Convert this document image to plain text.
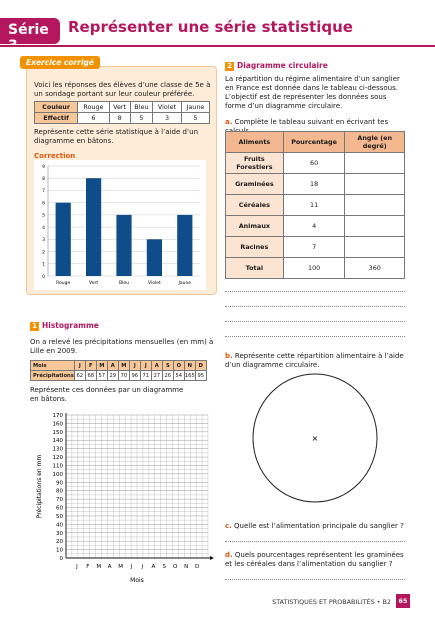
Série	Représenter une série statistique
Exercice corrigé
Voici les réponses des élèves d’une classe de 5e à un sondage portant sur leur couleur préférée.
Couleur	Rouge	Vert	Bleu	Violet	Jaune
Effectif	6	8	5	3	5
Représente cette série statistique à l’aide d’un diagramme en bâtons.
Correction
0
1
2
3
4
5
6
7
8
9
Rouge	Vert	Bleu	Violet	Jaune
1 Histogramme
On a relevé les précipitations mensuelles (en mm) à Lille en 2009.
Mois	J	F	M	A	M	J	J	A	S	O	N	D
Précipitations	62	68	57	29	70	96	71	27	26	54	165	95
Représente ces données par un diagramme en bâtons.
0
10
20
30
40
50
60
70
80
90
100
110
120
130
140
150
160
170
J F M A M J J A S O N D
Précipitations en mm
Mois
2 Diagramme circulaire
La répartition du régime alimentaire d’un sanglier en France est donnée dans le tableau ci-dessous. L’objectif est de représenter les données sous forme d’un diagramme circulaire.
a. Complète le tableau suivant en écrivant tes
Aliments	Pourcentage	Angle (en degré)
Fruits Forestiers	60	
Graminées	18	
Céréales	11	
Animaux	4	
Racines	7	
Total	100	360
b. Représente cette répartition alimentaire à l’aide d’un diagramme circulaire.
×
c. Quelle est l’alimentation principale du sanglier ?
d. Quels pourcentages représentent les graminées et les céréales dans l’alimentation du sanglier ?
STATISTIQUES ET PROBABILITÉS • B2	65
